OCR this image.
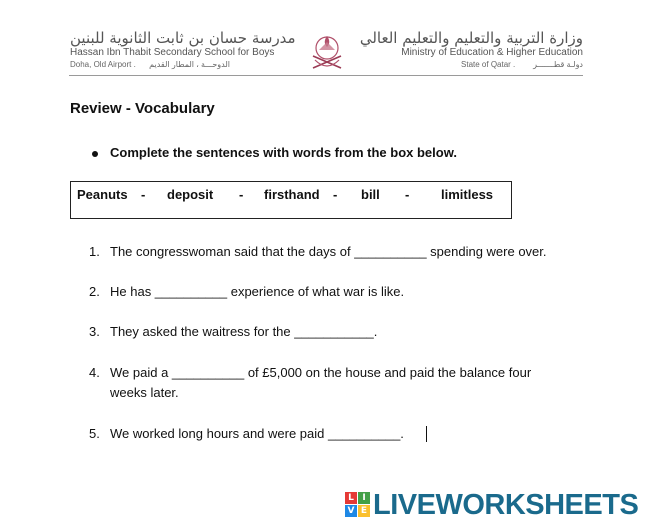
مدرسة حسان بن ثابت الثانوية للبنين
Hassan Ibn Thabit Secondary School for Boys
Doha, Old Airport . الدوحـــة ، المطار القديم
وزارة التربية والتعليم والتعليم العالي
Ministry of Education & Higher Education
State of Qatar . دولـة قطـــــــر
Review - Vocabulary
Complete the sentences with words from the box below.
Peanuts - deposit - firsthand - bill - limitless
1. The congresswoman said that the days of __________ spending were over.
2. He has __________ experience of what war is like.
3. They asked the waitress for the ___________.
4. We paid a __________ of £5,000 on the house and paid the balance four
weeks later.
5. We worked long hours and were paid __________.
L I
V E LIVEWORKSHEETS
